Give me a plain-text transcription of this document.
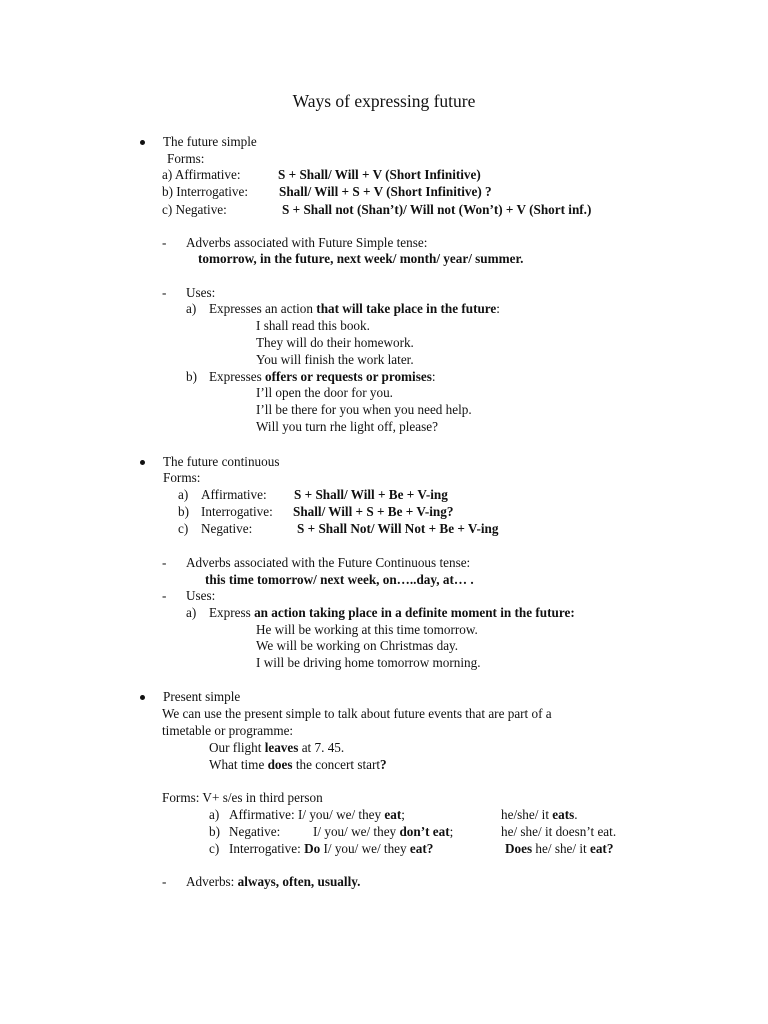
Ways of expressing future
The future simple
Forms:
a) Affirmative:	S + Shall/ Will + V (Short Infinitive)
b) Interrogative: Shall/ Will + S + V (Short Infinitive) ?
c) Negative:	S + Shall not (Shan’t)/ Will not (Won’t) + V (Short inf.)
- Adverbs associated with Future Simple tense:
tomorrow, in the future, next week/ month/ year/ summer.
- Uses:
a) Expresses an action that will take place in the future:
I shall read this book.
They will do their homework.
You will finish the work later.
b) Expresses offers or requests or promises:
I’ll open the door for you.
I’ll be there for you when you need help.
Will you turn rhe light off, please?
The future continuous
Forms:
a) Affirmative: S + Shall/ Will + Be + V-ing
b) Interrogative: Shall/ Will + S + Be + V-ing?
c) Negative:	S + Shall Not/ Will Not + Be + V-ing
- Adverbs associated with the Future Continuous tense:
this time tomorrow/ next week, on…..day, at… .
- Uses:
a) Express an action taking place in a definite moment in the future:
He will be working at this time tomorrow.
We will be working on Christmas day.
I will be driving home tomorrow morning.
Present simple
We can use the present simple to talk about future events that are part of a
timetable or programme:
Our flight leaves at 7. 45.
What time does the concert start?
Forms: V+ s/es in third person
a) Affirmative: I/ you/ we/ they eat;	he/she/ it eats.
b) Negative: I/ you/ we/ they don’t eat;	he/ she/ it doesn’t eat.
c) Interrogative: Do I/ you/ we/ they eat?	Does he/ she/ it eat?
- Adverbs: always, often, usually.
